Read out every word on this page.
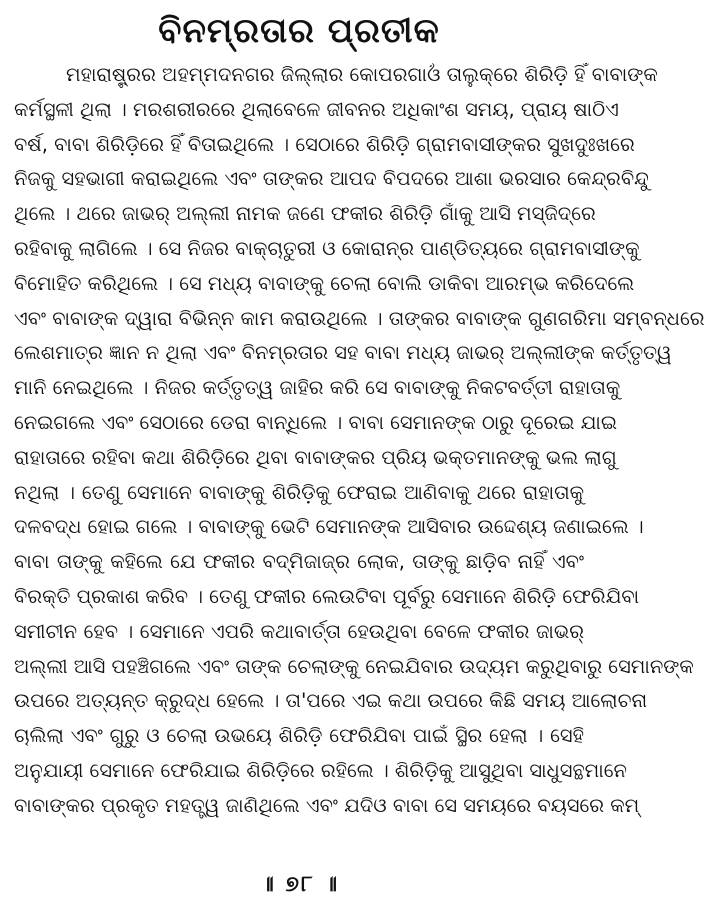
ବିନମ୍ରତାର ପ୍ରତୀକ
ମହାରାଷ୍ଟ୍ରର ଅହମ୍ମଦନଗର ଜିଲ୍ଲାର କୋପରଗାଓଁ ତାଲୁକ୍‌ରେ ଶିରିଡ଼ି ହିଁ ବାବାଙ୍କ
କର୍ମସ୍ଥଳୀ ଥିଲା । ମରଶରୀରରେ ଥିଲାବେଳେ ଜୀବନର ଅଧିକାଂଶ ସମୟ, ପ୍ରାୟ ଷାଠିଏ
ବର୍ଷ, ବାବା ଶିରିଡ଼ିରେ ହିଁ ବିତାଇଥିଲେ । ସେଠାରେ ଶିରିଡ଼ି ଗ୍ରାମବାସୀଙ୍କର ସୁଖଦୁଃଖରେ
ନିଜକୁ ସହଭାଗୀ କରାଇଥିଲେ ଏବଂ ତାଙ୍କର ଆପଦ ବିପଦରେ ଆଶା ଭରସାର କେନ୍ଦ୍ରବିନ୍ଦୁ
ଥିଲେ । ଥରେ ଜାଭର୍‌ ଅଲ୍ଲୀ ନାମକ ଜଣେ ଫକୀର ଶିରିଡ଼ି ଗାଁକୁ ଆସି ମସ୍‌ଜିଦ୍‌ରେ
ରହିବାକୁ ଲାଗିଲେ । ସେ ନିଜର ବାକ୍‌ଚାତୁରୀ ଓ କୋରାନ୍‌ର ପାଣ୍ଡିତ୍ୟରେ ଗ୍ରାମବାସୀଙ୍କୁ
ବିମୋହିତ କରିଥିଲେ । ସେ ମଧ୍ୟ ବାବାଙ୍କୁ ଚେଲା ବୋଲି ଡାକିବା ଆରମ୍ଭ କରିଦେଲେ
ଏବଂ ବାବାଙ୍କ ଦ୍ୱାରା ବିଭିନ୍ନ କାମ କରାଉଥିଲେ । ତାଙ୍କର ବାବାଙ୍କ ଗୁଣଗରିମା ସମ୍ବନ୍ଧରେ
ଲେଶମାତ୍ର ଜ୍ଞାନ ନ ଥିଲା ଏବଂ ବିନମ୍ରତାର ସହ ବାବା ମଧ୍ୟ ଜାଭର୍‌ ଅଲ୍ଲୀଙ୍କ କର୍ତ୍ତୃତ୍ୱ
ମାନି ନେଇଥିଲେ । ନିଜର କର୍ତ୍ତୃତ୍ୱ ଜାହିର କରି ସେ ବାବାଙ୍କୁ ନିକଟବର୍ତ୍ତୀ ରାହାତାକୁ
ନେଇଗଲେ ଏବଂ ସେଠାରେ ଡେରା ବାନ୍ଧିଲେ । ବାବା ସେମାନଙ୍କ ଠାରୁ ଦୂରେଇ ଯାଇ
ରାହାତାରେ ରହିବା କଥା ଶିରିଡ଼ିରେ ଥିବା ବାବାଙ୍କର ପ୍ରିୟ ଭକ୍ତମାନଙ୍କୁ ଭଲ ଲାଗୁ
ନଥିଲା । ତେଣୁ ସେମାନେ ବାବାଙ୍କୁ ଶିରିଡ଼ିକୁ ଫେରାଇ ଆଣିବାକୁ ଥରେ ରାହାତାକୁ
ଦଳବଦ୍ଧ ହୋଇ ଗଲେ । ବାବାଙ୍କୁ ଭେଟି ସେମାନଙ୍କ ଆସିବାର ଉଦ୍ଦେଶ୍ୟ ଜଣାଇଲେ ।
ବାବା ତାଙ୍କୁ କହିଲେ ଯେ ଫକୀର ବଦ୍‌ମିଜାଜ୍‌ର ଲୋକ, ତାଙ୍କୁ ଛାଡ଼ିବ ନାହିଁ ଏବଂ
ବିରକ୍ତି ପ୍ରକାଶ କରିବ । ତେଣୁ ଫକୀର ଲେଉଟିବା ପୂର୍ବରୁ ସେମାନେ ଶିରିଡ଼ି ଫେରିଯିବା
ସମୀଚୀନ ହେବ । ସେମାନେ ଏପରି କଥାବାର୍ତ୍ତା ହେଉଥିବା ବେଳେ ଫକୀର ଜାଭର୍‌
ଅଲ୍ଲୀ ଆସି ପହଞ୍ଚିଗଲେ ଏବଂ ତାଙ୍କ ଚେଲାଙ୍କୁ ନେଇଯିବାର ଉଦ୍ୟମ କରୁଥିବାରୁ ସେମାନଙ୍କ
ଉପରେ ଅତ୍ୟନ୍ତ କ୍ରୁଦ୍ଧ ହେଲେ । ତା'ପରେ ଏଇ କଥା ଉପରେ କିଛି ସମୟ ଆଲୋଚନା
ଚାଲିଲା ଏବଂ ଗୁରୁ ଓ ଚେଲା ଉଭୟେ ଶିରିଡ଼ି ଫେରିଯିବା ପାଇଁ ସ୍ଥିର ହେଲା । ସେହି
ଅନୁଯାୟୀ ସେମାନେ ଫେରିଯାଇ ଶିରିଡ଼ିରେ ରହିଲେ । ଶିରିଡ଼ିକୁ ଆସୁଥିବା ସାଧୁସନ୍ଥମାନେ
ବାବାଙ୍କର ପ୍ରକୃତ ମହତ୍ତ୍ୱ ଜାଣିଥିଲେ ଏବଂ ଯଦିଓ ବାବା ସେ ସମୟରେ ବୟସରେ କମ୍‌
॥ ୭୮ ॥
